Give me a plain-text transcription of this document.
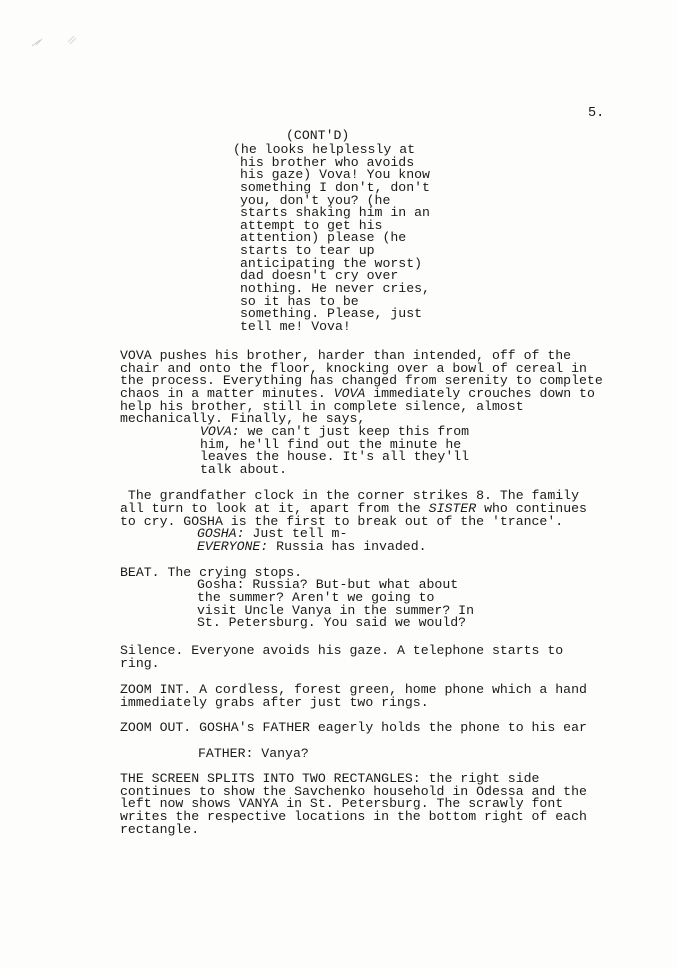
5.
(CONT'D)
(he looks helplessly at
his brother who avoids
his gaze) Vova! You know
something I don't, don't
you, don't you? (he
starts shaking him in an
attempt to get his
attention) please (he
starts to tear up
anticipating the worst)
dad doesn't cry over
nothing. He never cries,
so it has to be
something. Please, just
tell me! Vova!
VOVA pushes his brother, harder than intended, off of the
chair and onto the floor, knocking over a bowl of cereal in
the process. Everything has changed from serenity to complete
chaos in a matter minutes. VOVA immediately crouches down to
help his brother, still in complete silence, almost
mechanically. Finally, he says,
VOVA: we can't just keep this from
him, he'll find out the minute he
leaves the house. It's all they'll
talk about.
The grandfather clock in the corner strikes 8. The family
all turn to look at it, apart from the SISTER who continues
to cry. GOSHA is the first to break out of the 'trance'.
GOSHA: Just tell m-
EVERYONE: Russia has invaded.
BEAT. The crying stops.
Gosha: Russia? But-but what about
the summer? Aren't we going to
visit Uncle Vanya in the summer? In
St. Petersburg. You said we would?
Silence. Everyone avoids his gaze. A telephone starts to
ring.
ZOOM INT. A cordless, forest green, home phone which a hand
immediately grabs after just two rings.
ZOOM OUT. GOSHA's FATHER eagerly holds the phone to his ear
FATHER: Vanya?
THE SCREEN SPLITS INTO TWO RECTANGLES: the right side
continues to show the Savchenko household in Odessa and the
left now shows VANYA in St. Petersburg. The scrawly font
writes the respective locations in the bottom right of each
rectangle.
